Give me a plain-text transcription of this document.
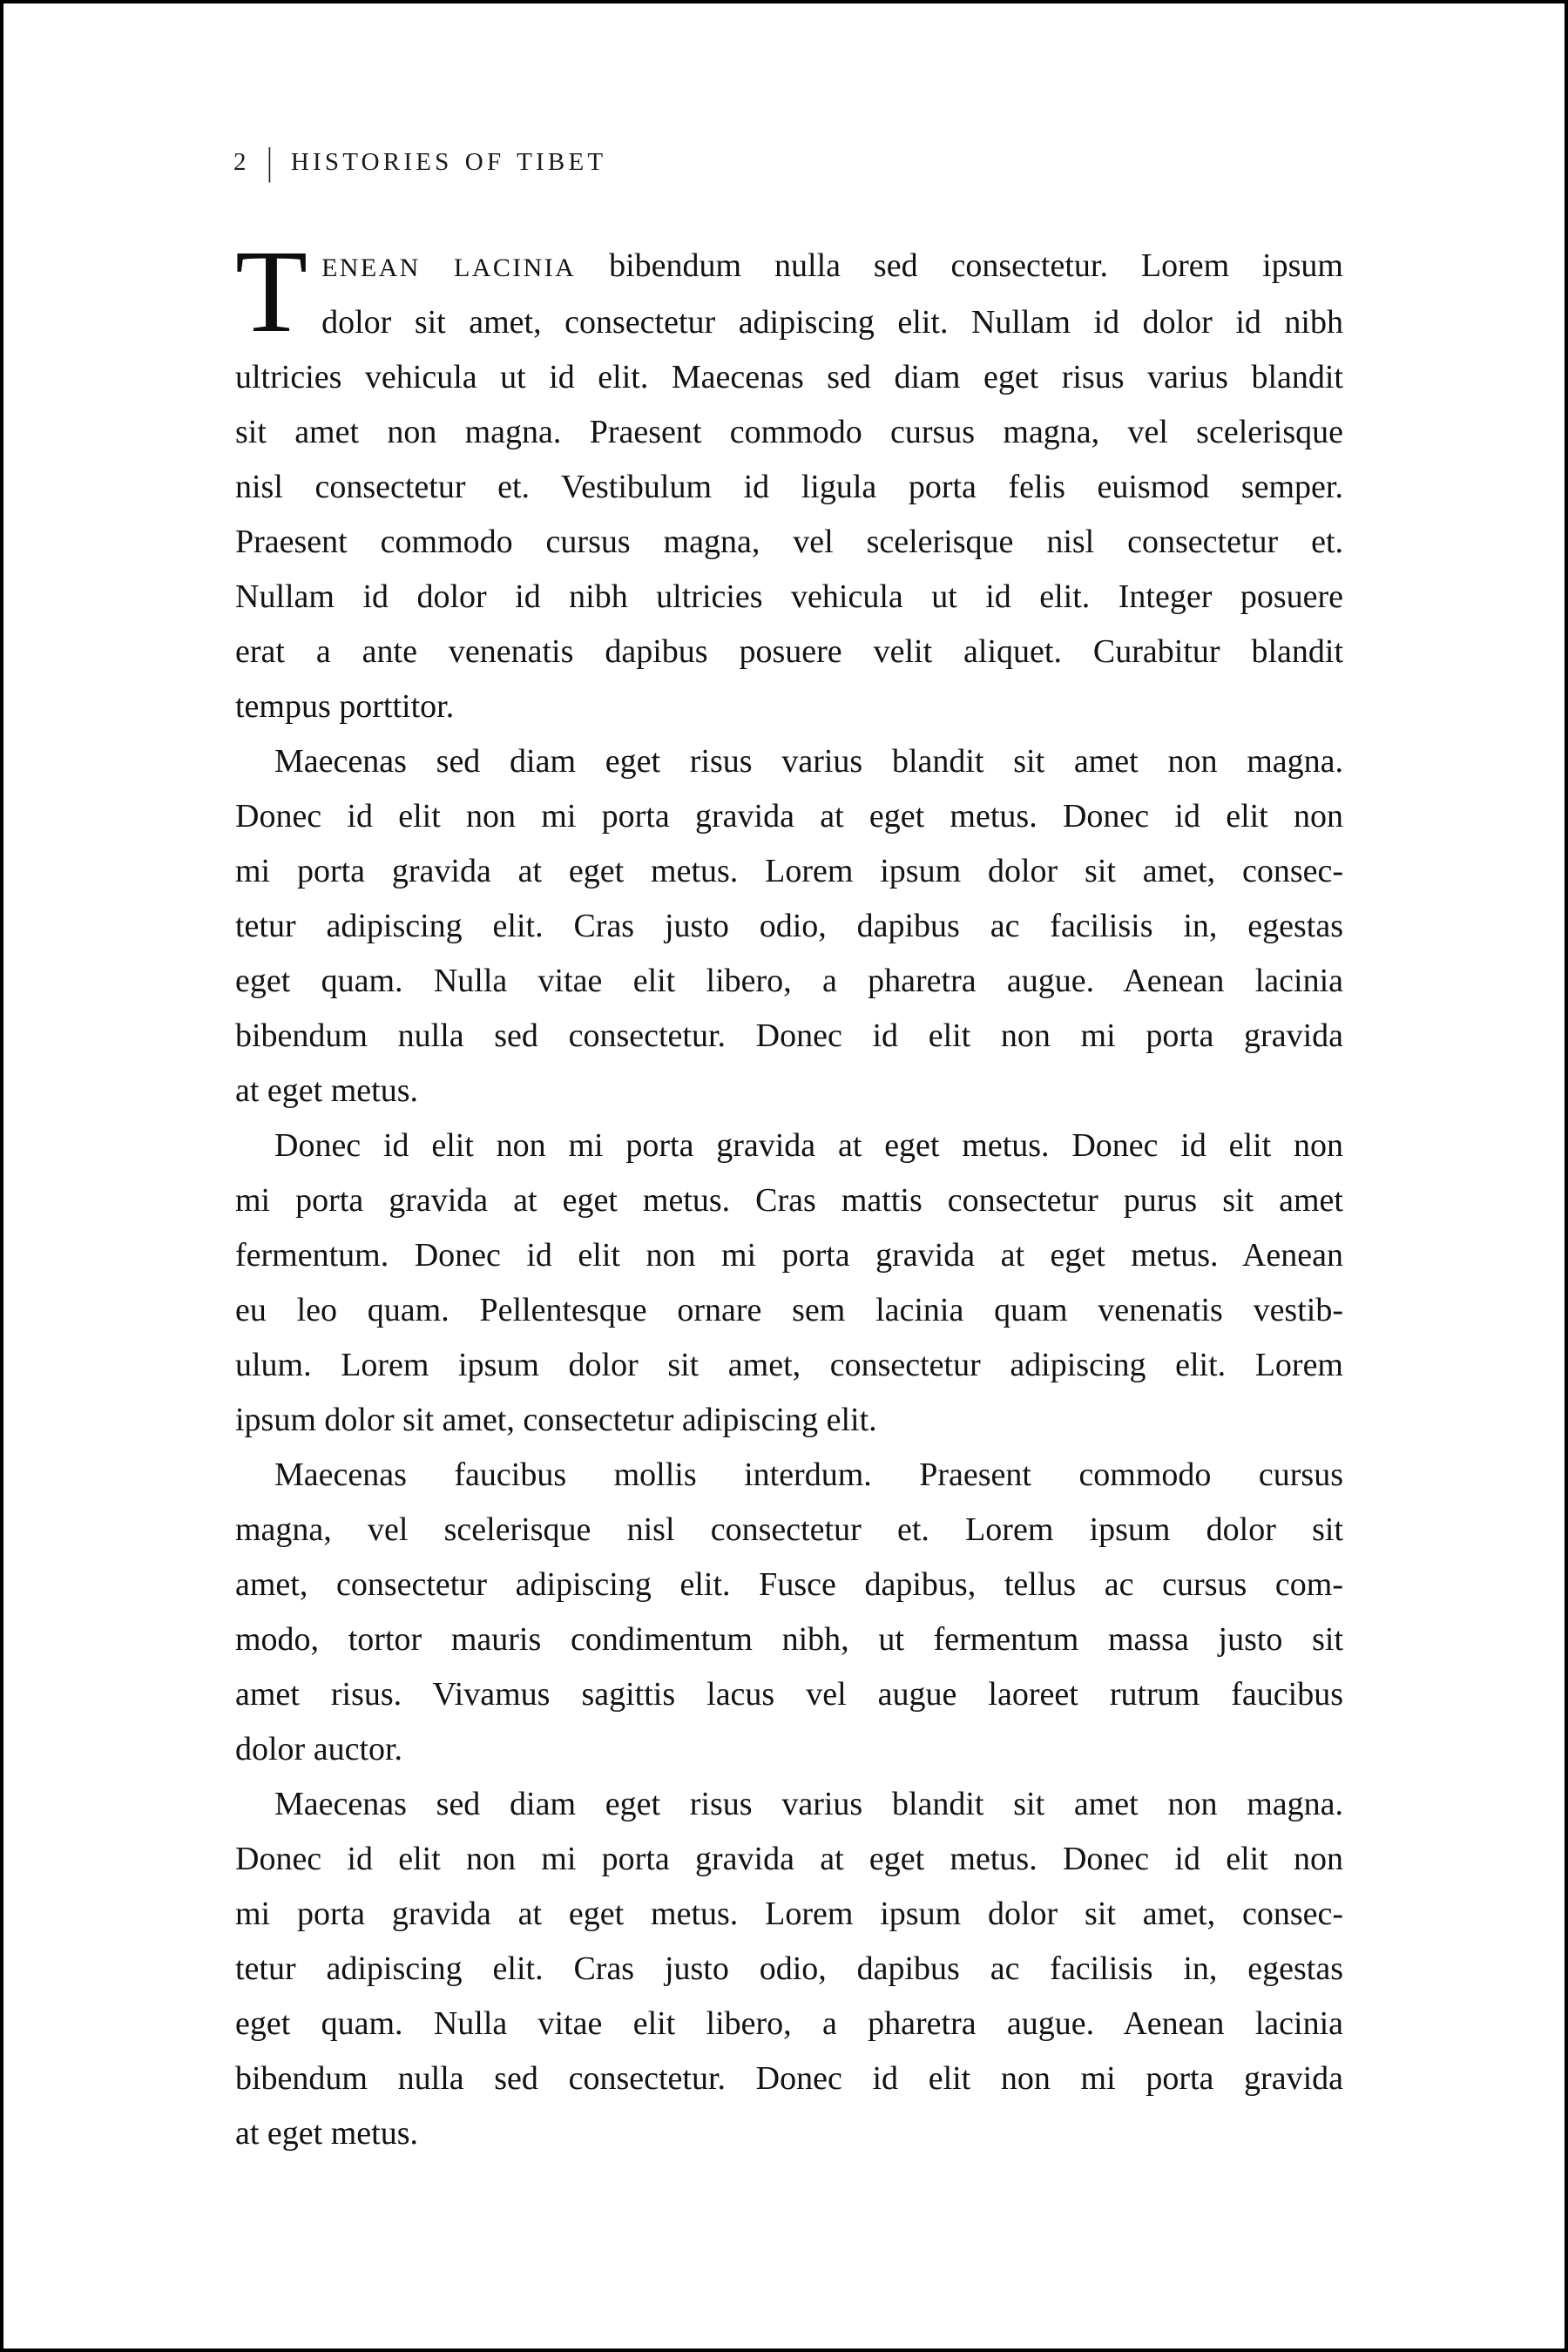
2 | HISTORIES OF TIBET
T ENEAN LACINIA bibendum nulla sed consectetur. Lorem ipsum
dolor sit amet, consectetur adipiscing elit. Nullam id dolor id nibh
ultricies vehicula ut id elit. Maecenas sed diam eget risus varius blandit
sit amet non magna. Praesent commodo cursus magna, vel scelerisque
nisl consectetur et. Vestibulum id ligula porta felis euismod semper.
Praesent commodo cursus magna, vel scelerisque nisl consectetur et.
Nullam id dolor id nibh ultricies vehicula ut id elit. Integer posuere
erat a ante venenatis dapibus posuere velit aliquet. Curabitur blandit
tempus porttitor.
Maecenas sed diam eget risus varius blandit sit amet non magna.
Donec id elit non mi porta gravida at eget metus. Donec id elit non
mi porta gravida at eget metus. Lorem ipsum dolor sit amet, consec-
tetur adipiscing elit. Cras justo odio, dapibus ac facilisis in, egestas
eget quam. Nulla vitae elit libero, a pharetra augue. Aenean lacinia
bibendum nulla sed consectetur. Donec id elit non mi porta gravida
at eget metus.
Donec id elit non mi porta gravida at eget metus. Donec id elit non
mi porta gravida at eget metus. Cras mattis consectetur purus sit amet
fermentum. Donec id elit non mi porta gravida at eget metus. Aenean
eu leo quam. Pellentesque ornare sem lacinia quam venenatis vestib-
ulum. Lorem ipsum dolor sit amet, consectetur adipiscing elit. Lorem
ipsum dolor sit amet, consectetur adipiscing elit.
Maecenas faucibus mollis interdum. Praesent commodo cursus
magna, vel scelerisque nisl consectetur et. Lorem ipsum dolor sit
amet, consectetur adipiscing elit. Fusce dapibus, tellus ac cursus com-
modo, tortor mauris condimentum nibh, ut fermentum massa justo sit
amet risus. Vivamus sagittis lacus vel augue laoreet rutrum faucibus
dolor auctor.
Maecenas sed diam eget risus varius blandit sit amet non magna.
Donec id elit non mi porta gravida at eget metus. Donec id elit non
mi porta gravida at eget metus. Lorem ipsum dolor sit amet, consec-
tetur adipiscing elit. Cras justo odio, dapibus ac facilisis in, egestas
eget quam. Nulla vitae elit libero, a pharetra augue. Aenean lacinia
bibendum nulla sed consectetur. Donec id elit non mi porta gravida
at eget metus.
